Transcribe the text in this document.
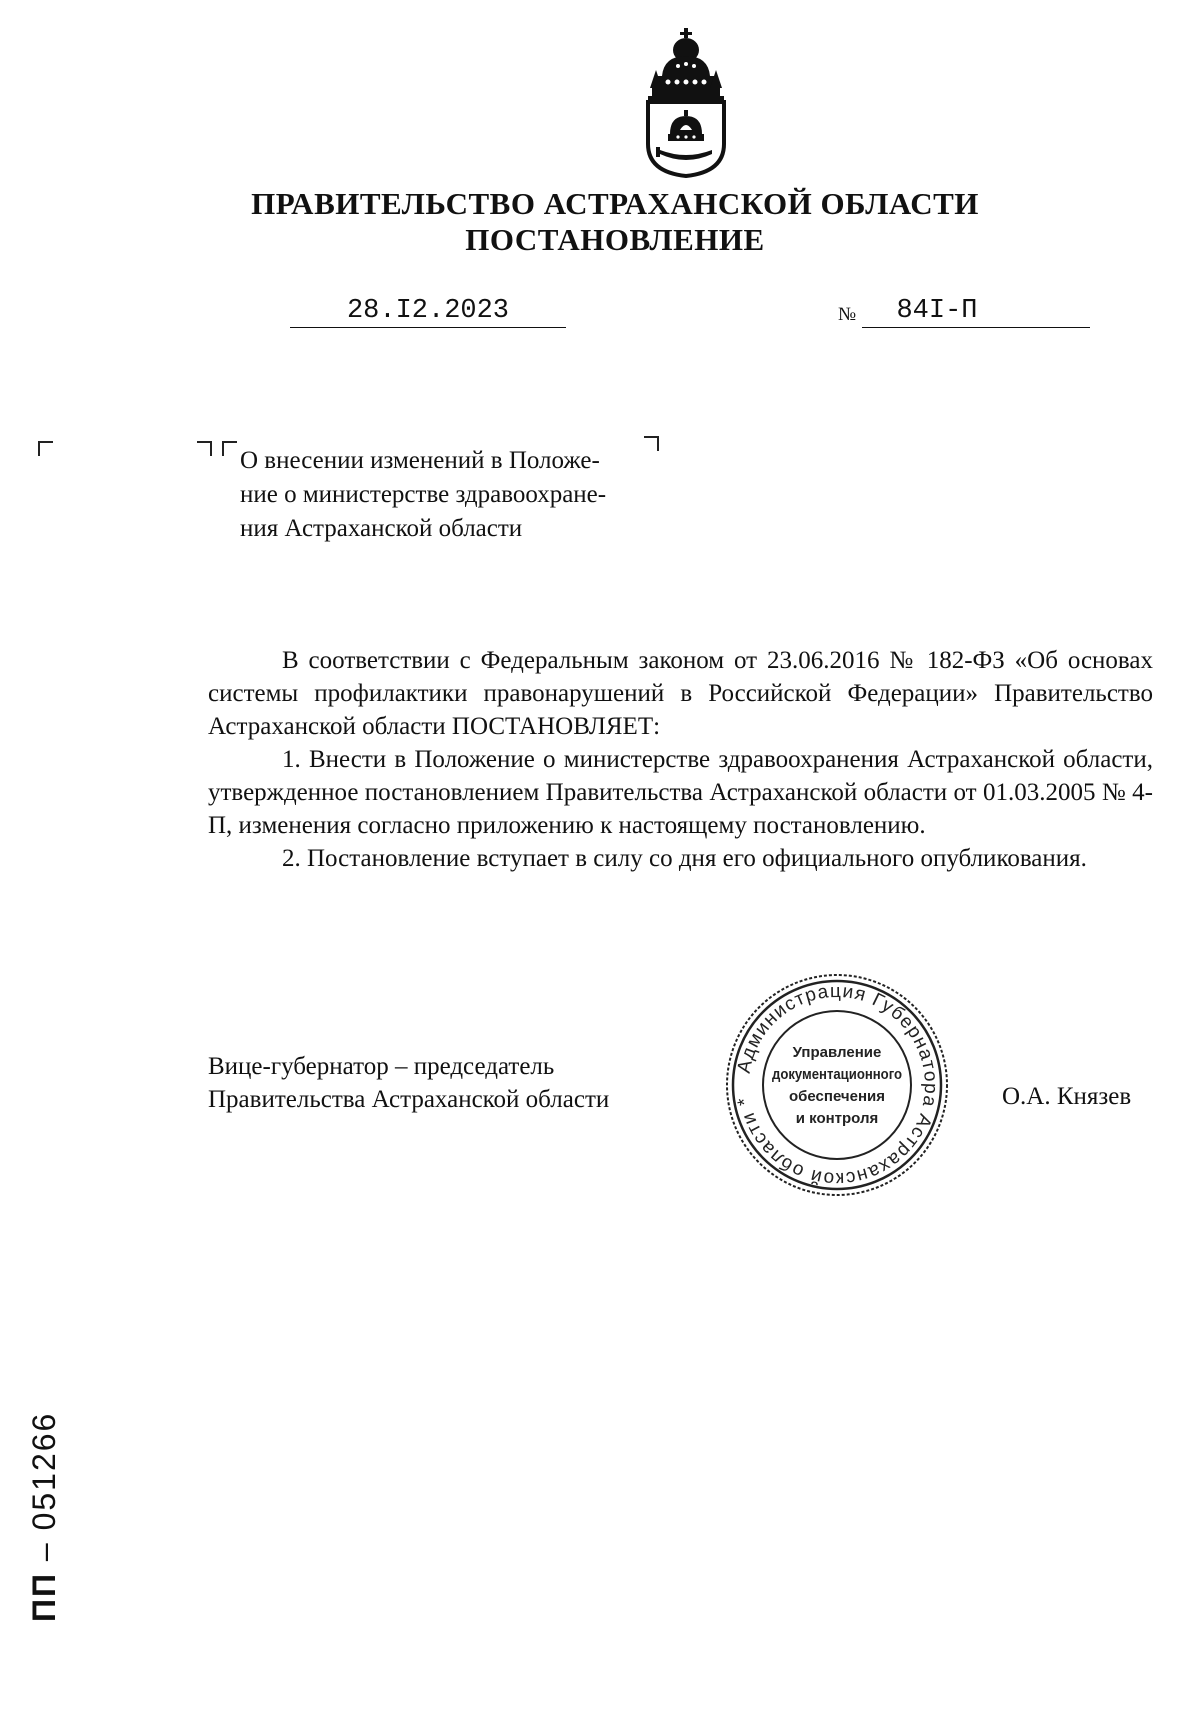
ПРАВИТЕЛЬСТВО АСТРАХАНСКОЙ ОБЛАСТИ
ПОСТАНОВЛЕНИЕ
28.I2.2023	№	84I-П
О внесении изменений в Положе-
ние о министерстве здравоохране-
ния Астраханской области

В соответствии с Федеральным законом от 23.06.2016 № 182-ФЗ «Об основах системы профилактики правонарушений в Российской Федерации» Правительство Астраханской области ПОСТАНОВЛЯЕТ:

1. Внести в Положение о министерстве здравоохранения Астраханской области, утвержденное постановлением Правительства Астраханской области от 01.03.2005 № 4-П, изменения согласно приложению к настоящему постановлению.

2. Постановление вступает в силу со дня его официального опубликования.

Вице-губернатор – председатель
Правительства Астраханской области	О.А. Князев
Администрация Губернатора Астраханской области *
Управление
документационного
обеспечения
и контроля
ПП – 051266
